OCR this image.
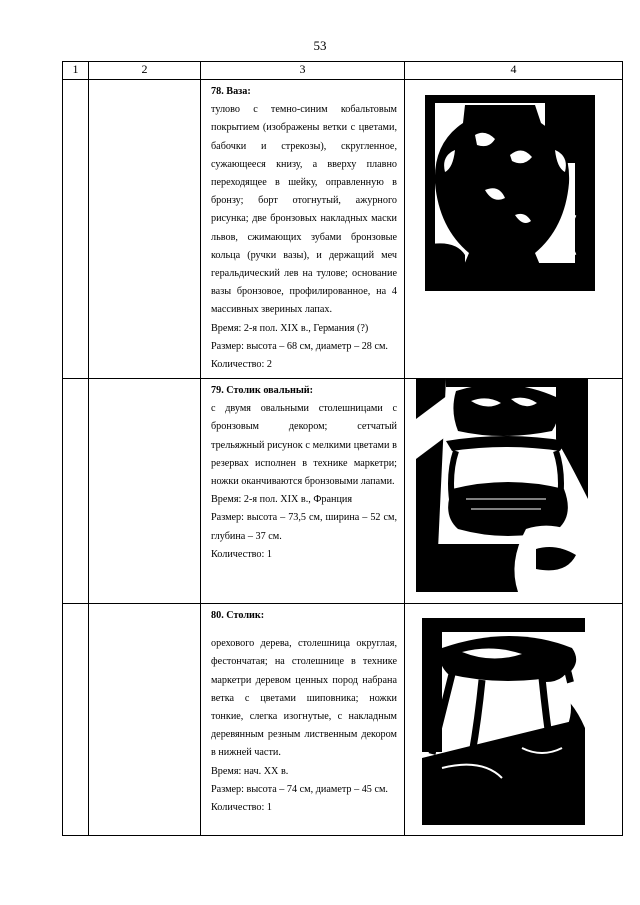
53
1	2	3	4

		78. Ваза:

тулово с темно-синим кобальтовым покрытием (изображены ветки с цветами, бабочки и стрекозы), скругленное, сужающееся книзу, а вверху плавно переходящее в шейку, оправленную в бронзу; борт отогнутый, ажурного рисунка; две бронзовых накладных маски львов, сжимающих зубами бронзовые кольца (ручки вазы), и держащий меч геральдический лев на тулове; основание вазы бронзовое, профилированное, на 4 массивных звериных лапах.

Время: 2-я пол. XIX в., Германия (?)

Размер: высота – 68 см, диаметр – 28 см.

Количество: 2

		79. Столик овальный:

с двумя овальными столешницами с бронзовым декором; сетчатый трельяжный рисунок с мелкими цветами в резервах исполнен в технике маркетри; ножки оканчиваются бронзовыми лапами.

Время: 2-я пол. XIX в., Франция

Размер: высота – 73,5 см, ширина – 52 см, глубина – 37 см.

Количество: 1

		80. Столик:

орехового дерева, столешница округлая, фестончатая; на столешнице в технике маркетри деревом ценных пород набрана ветка с цветами шиповника; ножки тонкие, слегка изогнутые, с накладным деревянным резным лиственным декором в нижней части.

Время: нач. XX в.

Размер: высота – 74 см, диаметр – 45 см.

Количество: 1
